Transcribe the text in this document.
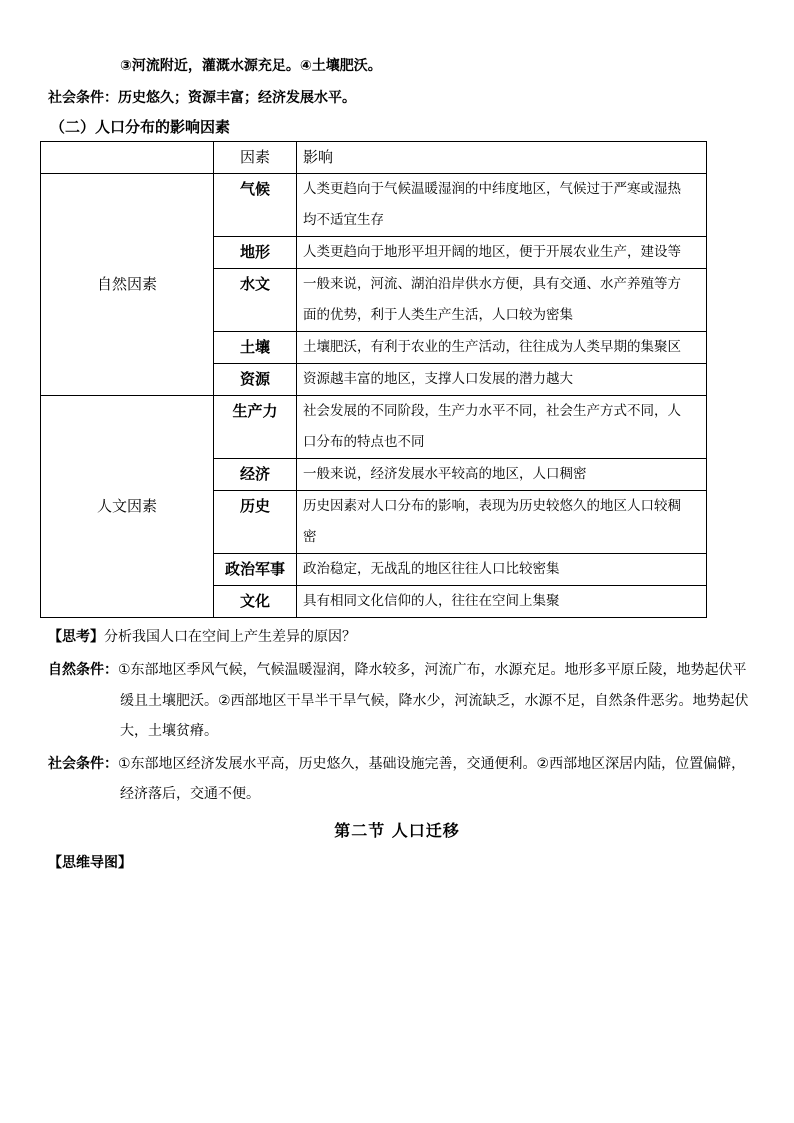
③河流附近，灌溉水源充足。④土壤肥沃。
社会条件：历史悠久；资源丰富；经济发展水平。
（二）人口分布的影响因素
	因素	影响
自然因素	气候	人类更趋向于气候温暖湿润的中纬度地区，气候过于严寒或湿热
均不适宜生存
	地形	人类更趋向于地形平坦开阔的地区，便于开展农业生产，建设等
	水文	一般来说，河流、湖泊沿岸供水方便，具有交通、水产养殖等方
面的优势，利于人类生产生活，人口较为密集
	土壤	土壤肥沃，有利于农业的生产活动，往往成为人类早期的集聚区
	资源	资源越丰富的地区，支撑人口发展的潜力越大
人文因素	生产力	社会发展的不同阶段，生产力水平不同，社会生产方式不同，人
口分布的特点也不同
	经济	一般来说，经济发展水平较高的地区，人口稠密
	历史	历史因素对人口分布的影响，表现为历史较悠久的地区人口较稠
密
	政治军事	政治稳定，无战乱的地区往往人口比较密集
	文化	具有相同文化信仰的人，往往在空间上集聚
【思考】分析我国人口在空间上产生差异的原因？
自然条件：①东部地区季风气候，气候温暖湿润，降水较多，河流广布，水源充足。地形多平原丘陵，地势起伏平
缓且土壤肥沃。②西部地区干旱半干旱气候，降水少，河流缺乏，水源不足，自然条件恶劣。地势起伏
大，土壤贫瘠。
社会条件：①东部地区经济发展水平高，历史悠久，基础设施完善，交通便利。②西部地区深居内陆，位置偏僻，
经济落后，交通不便。
第二节 人口迁移
【思维导图】
